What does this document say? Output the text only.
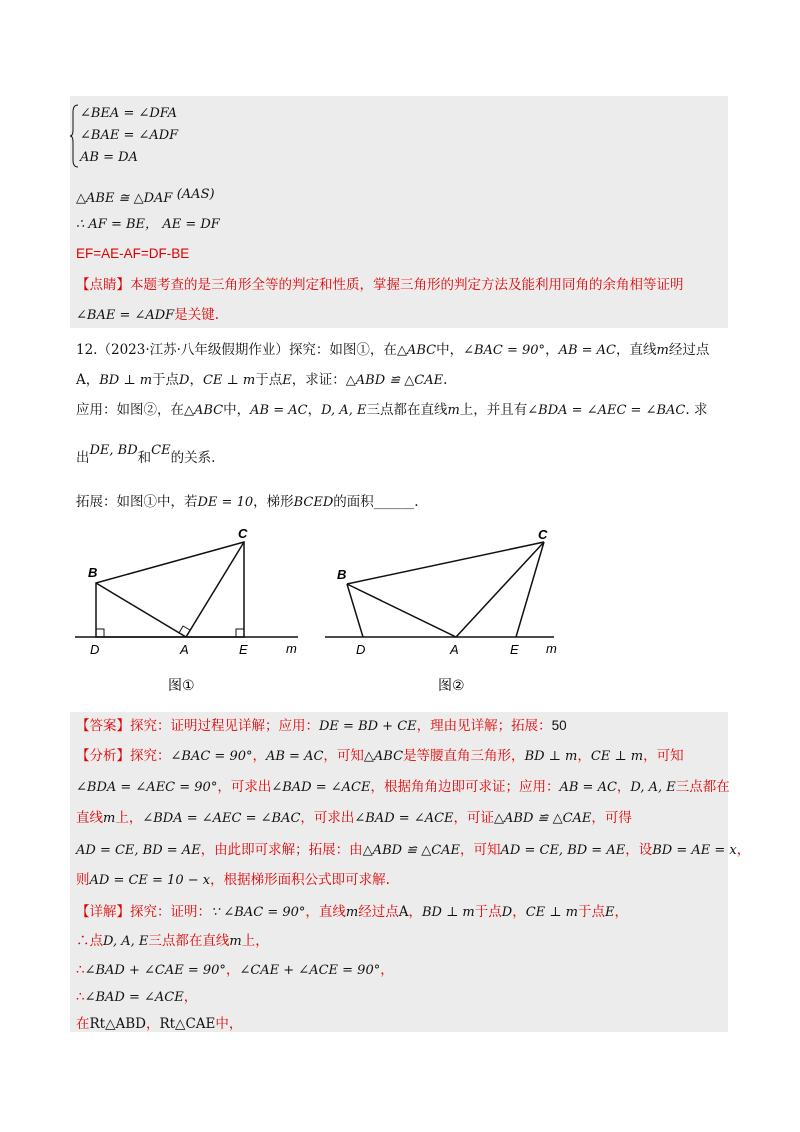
∠BEA = ∠DFA
∠BAE = ∠ADF
AB = DA
△ABE ≅ △DAF (AAS)
∴ AF = BE， AE = DF
EF=AE-AF=DF-BE
【点睛】本题考查的是三角形全等的判定和性质，掌握三角形的判定方法及能利用同角的余角相等证明
∠BAE = ∠ADF是关键.
12.（2023·江苏·八年级假期作业）探究：如图①，在△ABC中，∠BAC = 90°，AB = AC，直线m经过点
A，BD ⊥ m于点D，CE ⊥ m于点E，求证：△ABD ≌ △CAE.
应用：如图②，在△ABC中，AB = AC，D, A, E三点都在直线m上，并且有∠BDA = ∠AEC = ∠BAC. 求
出DE, BD和CE的关系.
拓展：如图①中，若DE = 10，梯形BCED的面积______.
B
C
D	A	E	m
图①
B
C
D	A	E m
图②
【答案】探究：证明过程见详解；应用：DE = BD + CE，理由见详解；拓展：50
【分析】探究：∠BAC = 90°，AB = AC，可知△ABC是等腰直角三角形，BD ⊥ m，CE ⊥ m，可知
∠BDA = ∠AEC = 90°，可求出∠BAD = ∠ACE，根据角角边即可求证；应用：AB = AC，D, A, E三点都在
直线m上，∠BDA = ∠AEC = ∠BAC，可求出∠BAD = ∠ACE，可证△ABD ≌ △CAE，可得
AD = CE, BD = AE，由此即可求解；拓展：由△ABD ≌ △CAE，可知AD = CE, BD = AE，设BD = AE = x，
则AD = CE = 10 − x，根据梯形面积公式即可求解.
【详解】探究：证明：∵ ∠BAC = 90°，直线m经过点A，BD ⊥ m于点D，CE ⊥ m于点E，
∴点D, A, E三点都在直线m上，
∴∠BAD + ∠CAE = 90°，∠CAE + ∠ACE = 90°，
∴∠BAD = ∠ACE，
在Rt△ABD，Rt△CAE中，
